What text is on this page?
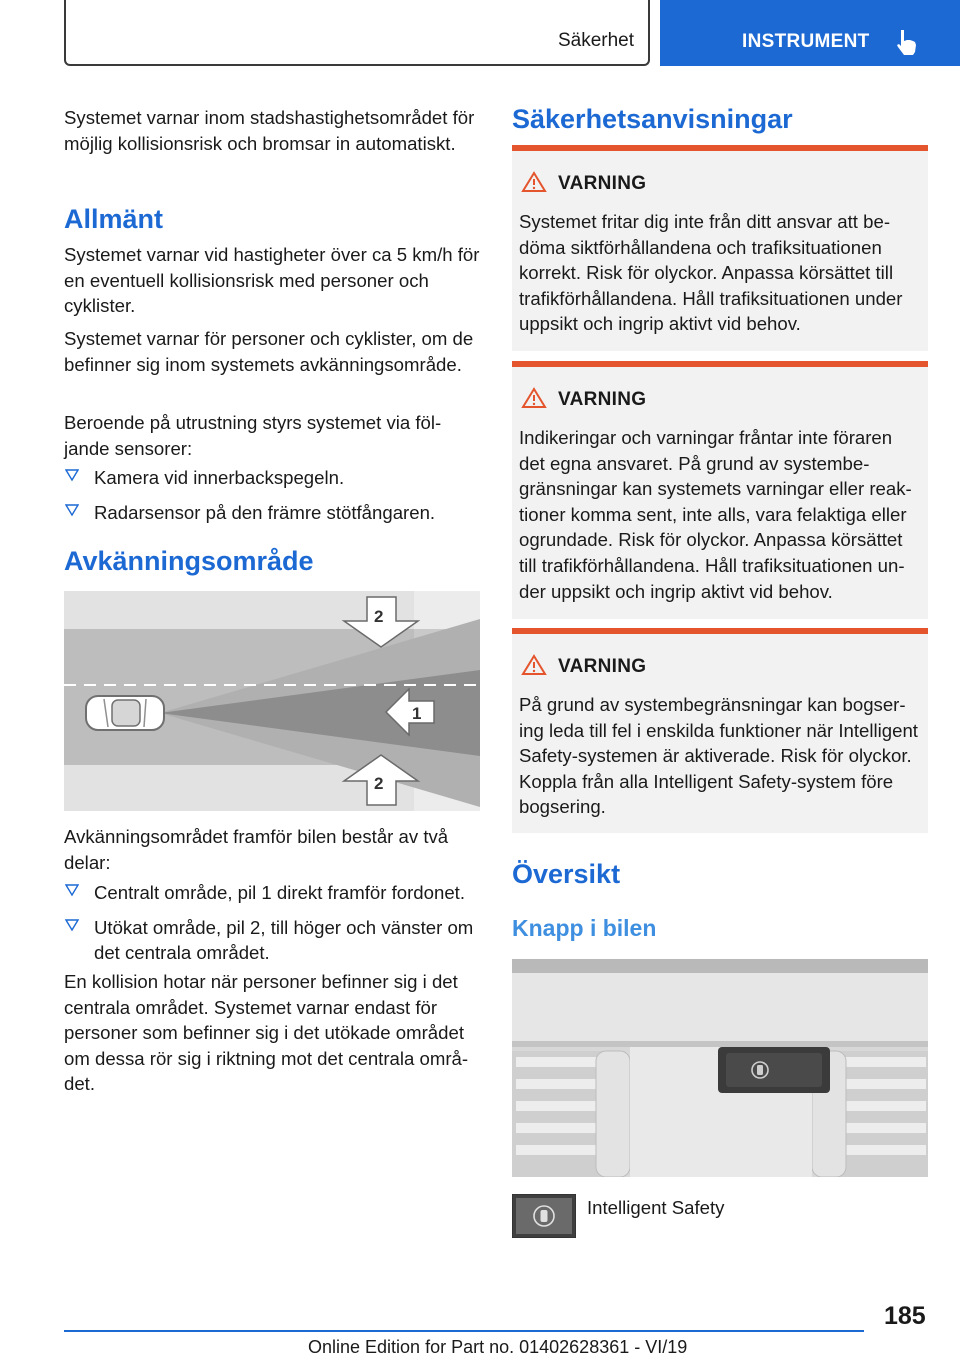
Säkerhet	INSTRUMENT
Systemet varnar inom stadshastighetsområdet för möjlig kollisionsrisk och bromsar in automatiskt.
Allmänt
Systemet varnar vid hastigheter över ca 5 km/h för en eventuell kollisionsrisk med personer och cyklister.
Systemet varnar för personer och cyklister, om de befinner sig inom systemets avkänningsområde.
Beroende på utrustning styrs systemet via följande sensorer:
Kamera vid innerbackspegeln.
Radarsensor på den främre stötfångaren.
Avkänningsområde
1
2
2
Avkänningsområdet framför bilen består av två delar:
Centralt område, pil 1 direkt framför fordonet.
Utökat område, pil 2, till höger och vänster om det centrala området.
En kollision hotar när personer befinner sig i det centrala området. Systemet varnar endast för personer som befinner sig i det utökade området om dessa rör sig i riktning mot det centrala området.
Säkerhetsanvisningar
VARNING
Systemet fritar dig inte från ditt ansvar att bedöma siktförhållandena och trafiksituationen korrekt. Risk för olyckor. Anpassa körsättet till trafikförhållandena. Håll trafiksituationen under uppsikt och ingrip aktivt vid behov.
VARNING
Indikeringar och varningar fråntar inte föraren det egna ansvaret. På grund av systembegränsningar kan systemets varningar eller reaktioner komma sent, inte alls, vara felaktiga eller ogrundade. Risk för olyckor. Anpassa körsättet till trafikförhållandena. Håll trafiksituationen under uppsikt och ingrip aktivt vid behov.
VARNING
På grund av systembegränsningar kan bogsering leda till fel i enskilda funktioner när Intelligent Safety-systemen är aktiverade. Risk för olyckor. Koppla från alla Intelligent Safety-system före bogsering.
Översikt
Knapp i bilen
Intelligent Safety
185
Online Edition for Part no. 01402628361 - VI/19
